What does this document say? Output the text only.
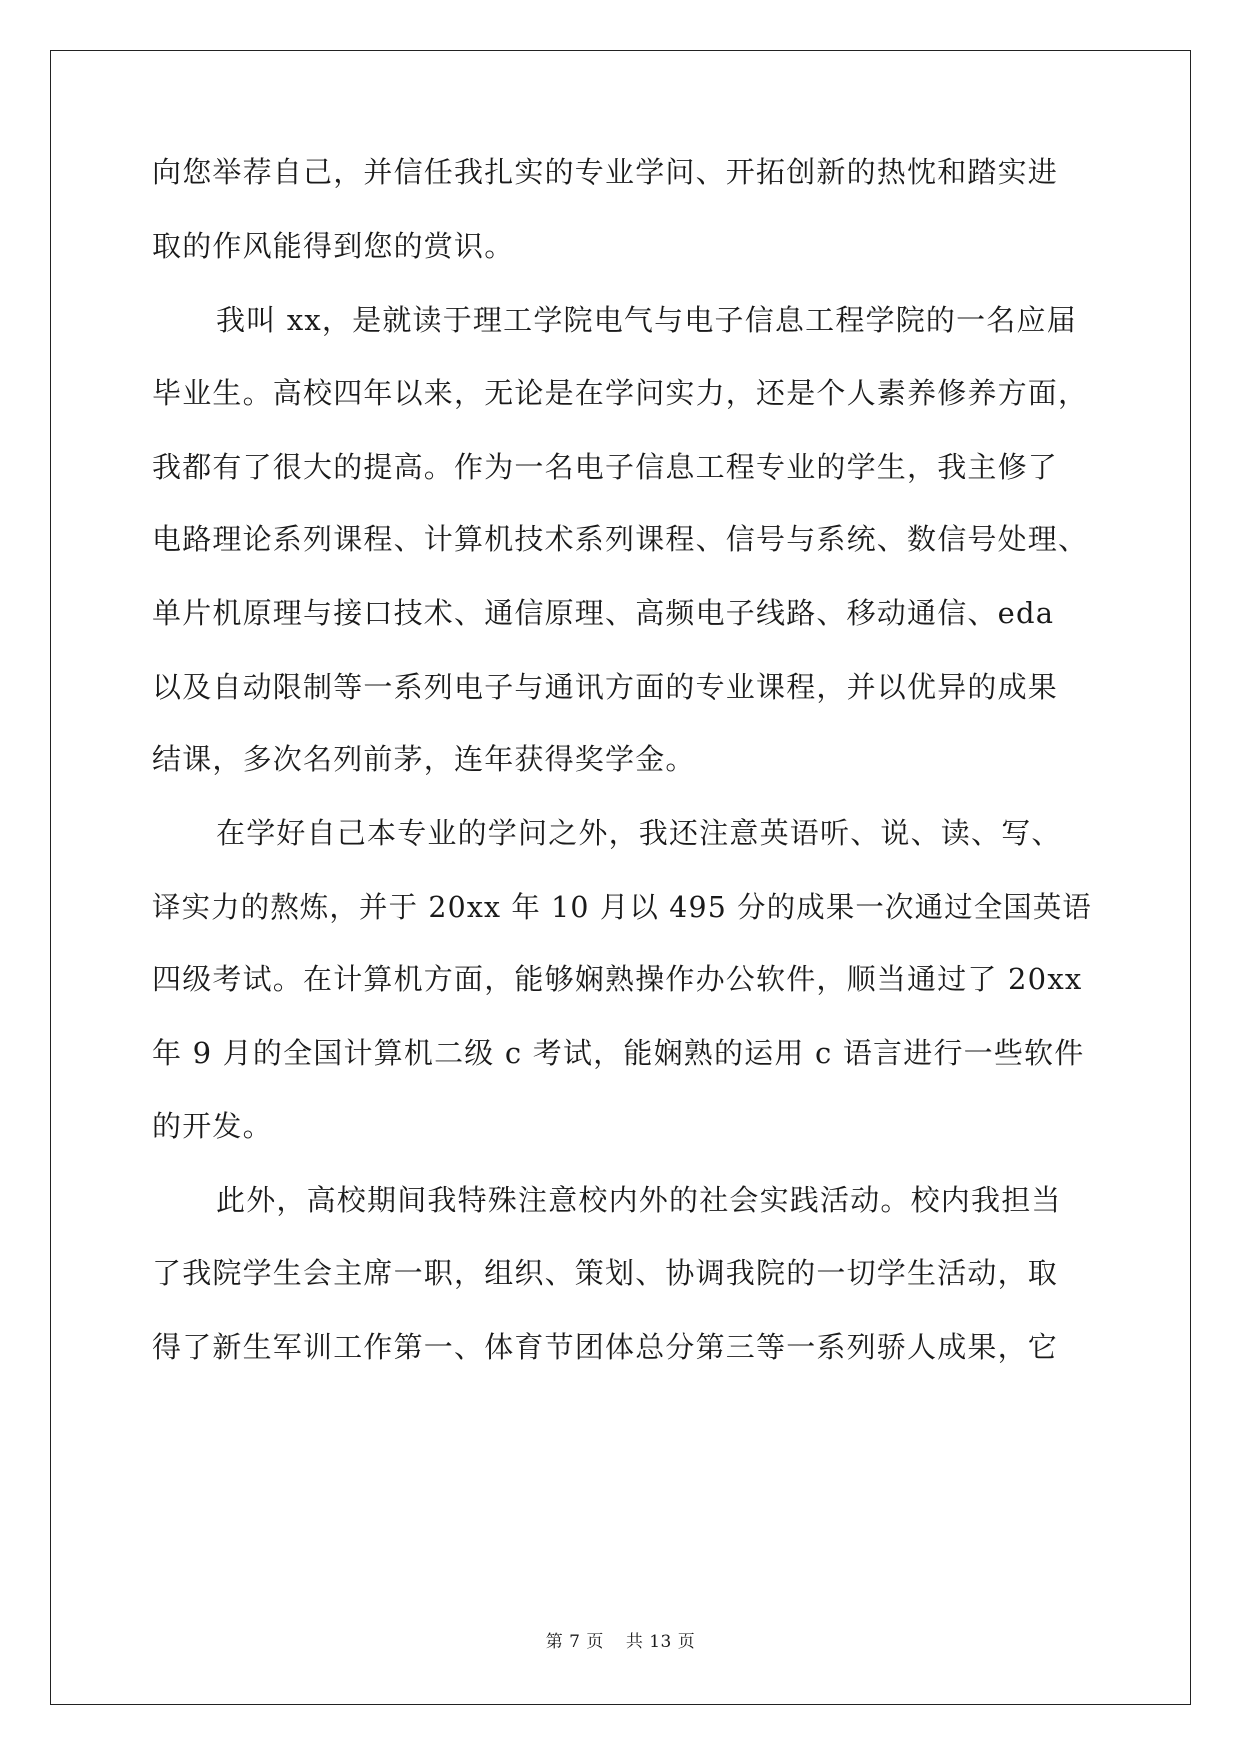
向您举荐自己，并信任我扎实的专业学问、开拓创新的热忱和踏实进
取的作风能得到您的赏识。
我叫 xx，是就读于理工学院电气与电子信息工程学院的一名应届
毕业生。高校四年以来，无论是在学问实力，还是个人素养修养方面，
我都有了很大的提高。作为一名电子信息工程专业的学生，我主修了
电路理论系列课程、计算机技术系列课程、信号与系统、数信号处理、
单片机原理与接口技术、通信原理、高频电子线路、移动通信、eda
以及自动限制等一系列电子与通讯方面的专业课程，并以优异的成果
结课，多次名列前茅，连年获得奖学金。
在学好自己本专业的学问之外，我还注意英语听、说、读、写、
译实力的熬炼，并于 20xx 年 10 月以 495 分的成果一次通过全国英语
四级考试。在计算机方面，能够娴熟操作办公软件，顺当通过了 20xx
年 9 月的全国计算机二级 c 考试，能娴熟的运用 c 语言进行一些软件
的开发。
此外，高校期间我特殊注意校内外的社会实践活动。校内我担当
了我院学生会主席一职，组织、策划、协调我院的一切学生活动，取
得了新生军训工作第一、体育节团体总分第三等一系列骄人成果，它
第 7 页 共 13 页
